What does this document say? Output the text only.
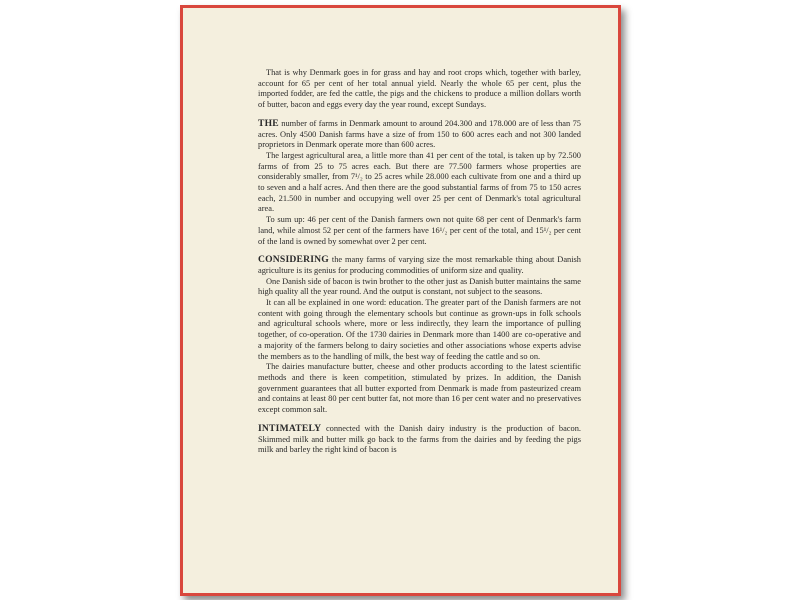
That is why Denmark goes in for grass and hay and root crops which, together with barley, account for 65 per cent of her total annual yield. Nearly the whole 65 per cent, plus the imported fodder, are fed the cattle, the pigs and the chickens to produce a million dollars worth of butter, bacon and eggs every day the year round, except Sundays.

THE number of farms in Denmark amount to around 204.300 and 178.000 are of less than 75 acres. Only 4500 Danish farms have a size of from 150 to 600 acres each and not 300 landed proprietors in Denmark operate more than 600 acres.

The largest agricultural area, a little more than 41 per cent of the total, is taken up by 72.500 farms of from 25 to 75 acres each. But there are 77.500 farmers whose properties are considerably smaller, from 7¹/₂ to 25 acres while 28.000 each cultivate from one and a third up to seven and a half acres. And then there are the good substantial farms of from 75 to 150 acres each, 21.500 in number and occupying well over 25 per cent of Denmark's total agricultural area.

To sum up: 46 per cent of the Danish farmers own not quite 68 per cent of Denmark's farm land, while almost 52 per cent of the farmers have 16¹/₂ per cent of the total, and 15¹/₂ per cent of the land is owned by somewhat over 2 per cent.

CONSIDERING the many farms of varying size the most remarkable thing about Danish agriculture is its genius for producing commodities of uniform size and quality.

One Danish side of bacon is twin brother to the other just as Danish butter maintains the same high quality all the year round. And the output is constant, not subject to the seasons.

It can all be explained in one word: education. The greater part of the Danish farmers are not content with going through the elementary schools but continue as grown-ups in folk schools and agricultural schools where, more or less indirectly, they learn the importance of pulling together, of co-operation. Of the 1730 dairies in Denmark more than 1400 are co-operative and a majority of the farmers belong to dairy societies and other associations whose experts advise the members as to the handling of milk, the best way of feeding the cattle and so on.

The dairies manufacture butter, cheese and other products according to the latest scientific methods and there is keen competition, stimulated by prizes. In addition, the Danish government guarantees that all butter exported from Denmark is made from pasteurized cream and contains at least 80 per cent butter fat, not more than 16 per cent water and no preservatives except common salt.

INTIMATELY connected with the Danish dairy industry is the production of bacon. Skimmed milk and butter milk go back to the farms from the dairies and by feeding the pigs milk and barley the right kind of bacon is
